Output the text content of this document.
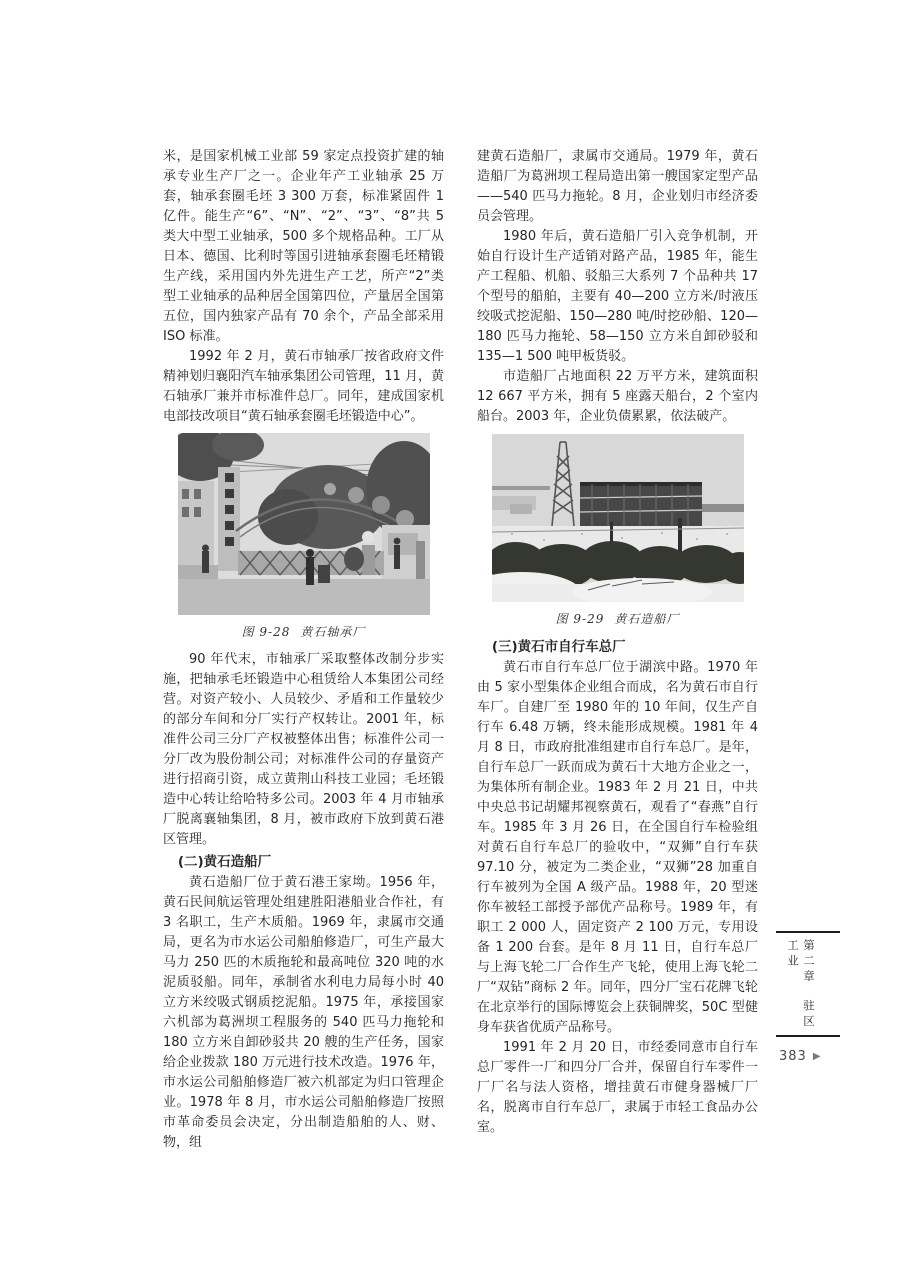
米，是国家机械工业部 59 家定点投资扩建的轴承专业生产厂之一。企业年产工业轴承 25 万套，轴承套圈毛坯 3 300 万套，标准紧固件 1 亿件。能生产“6”、“N”、“2”、“3”、“8”共 5 类大中型工业轴承，500 多个规格品种。工厂从日本、德国、比利时等国引进轴承套圈毛坯精锻生产线，采用国内外先进生产工艺，所产“2”类型工业轴承的品种居全国第四位，产量居全国第五位，国内独家产品有 70 余个，产品全部采用 ISO 标准。

1992 年 2 月，黄石市轴承厂按省政府文件精神划归襄阳汽车轴承集团公司管理，11 月，黄石轴承厂兼并市标准件总厂。同年，建成国家机电部技改项目“黄石轴承套圈毛坯锻造中心”。

图 9-28 黄石轴承厂

90 年代末，市轴承厂采取整体改制分步实施，把轴承毛坯锻造中心租赁给人本集团公司经营。对资产较小、人员较少、矛盾和工作量较少的部分车间和分厂实行产权转让。2001 年，标准件公司三分厂产权被整体出售；标准件公司一分厂改为股份制公司；对标准件公司的存量资产进行招商引资，成立黄荆山科技工业园；毛坯锻造中心转让给哈特多公司。2003 年 4 月市轴承厂脱离襄轴集团，8 月，被市政府下放到黄石港区管理。

(二)黄石造船厂

黄石造船厂位于黄石港王家坳。1956 年，黄石民间航运管理处组建胜阳港船业合作社，有 3 名职工，生产木质船。1969 年，隶属市交通局，更名为市水运公司船舶修造厂，可生产最大马力 250 匹的木质拖轮和最高吨位 320 吨的水泥质驳船。同年，承制省水利电力局每小时 40 立方米绞吸式钢质挖泥船。1975 年，承接国家六机部为葛洲坝工程服务的 540 匹马力拖轮和 180 立方米自卸砂驳共 20 艘的生产任务，国家给企业拨款 180 万元进行技术改造。1976 年，市水运公司船舶修造厂被六机部定为归口管理企业。1978 年 8 月，市水运公司船舶修造厂按照市革命委员会决定，分出制造船舶的人、财、物，组

建黄石造船厂，隶属市交通局。1979 年，黄石造船厂为葛洲坝工程局造出第一艘国家定型产品——540 匹马力拖轮。8 月，企业划归市经济委员会管理。

1980 年后，黄石造船厂引入竞争机制，开始自行设计生产适销对路产品，1985 年，能生产工程船、机船、驳船三大系列 7 个品种共 17 个型号的船舶，主要有 40—200 立方米/时液压绞吸式挖泥船、150—280 吨/时挖砂船、120—180 匹马力拖轮、58—150 立方米自卸砂驳和 135—1 500 吨甲板货驳。

市造船厂占地面积 22 万平方米，建筑面积 12 667 平方米，拥有 5 座露天船台，2 个室内船台。2003 年，企业负债累累，依法破产。

图 9-29 黄石造船厂
(三)黄石市自行车总厂

黄石市自行车总厂位于湖滨中路。1970 年由 5 家小型集体企业组合而成，名为黄石市自行车厂。自建厂至 1980 年的 10 年间，仅生产自行车 6.48 万辆，终未能形成规模。1981 年 4 月 8 日，市政府批准组建市自行车总厂。是年，自行车总厂一跃而成为黄石十大地方企业之一，为集体所有制企业。1983 年 2 月 21 日，中共中央总书记胡耀邦视察黄石，观看了“春燕”自行车。1985 年 3 月 26 日，在全国自行车检验组对黄石自行车总厂的验收中，“双狮”自行车获 97.10 分，被定为二类企业，“双狮”28 加重自行车被列为全国 A 级产品。1988 年，20 型迷你车被轻工部授予部优产品称号。1989 年，有职工 2 000 人，固定资产 2 100 万元，专用设备 1 200 台套。是年 8 月 11 日，自行车总厂与上海飞轮二厂合作生产飞轮，使用上海飞轮二厂“双钻”商标 2 年。同年，四分厂宝石花牌飞轮在北京举行的国际博览会上获铜牌奖，50C 型健身车获省优质产品称号。

1991 年 2 月 20 日，市经委同意市自行车总厂零件一厂和四分厂合并，保留自行车零件一厂厂名与法人资格，增挂黄石市健身器械厂厂名，脱离市自行车总厂，隶属于市轻工食品办公室。

第二章驻区工业
383 ▶
